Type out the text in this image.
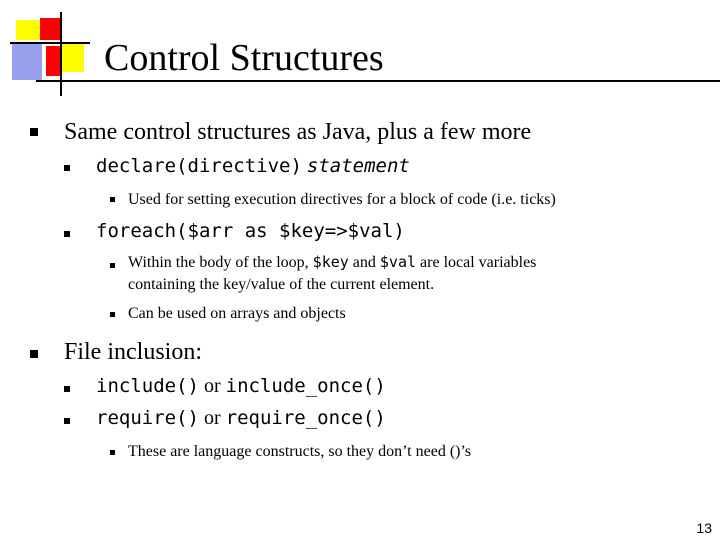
Control Structures
Same control structures as Java, plus a few more
declare(directive) statement
Used for setting execution directives for a block of code (i.e. ticks)
foreach($arr as $key=>$val)
Within the body of the loop, $key and $val are local variables
containing the key/value of the current element.
Can be used on arrays and objects
File inclusion:
include() or include_once()
require() or require_once()
These are language constructs, so they don’t need ()’s
13
